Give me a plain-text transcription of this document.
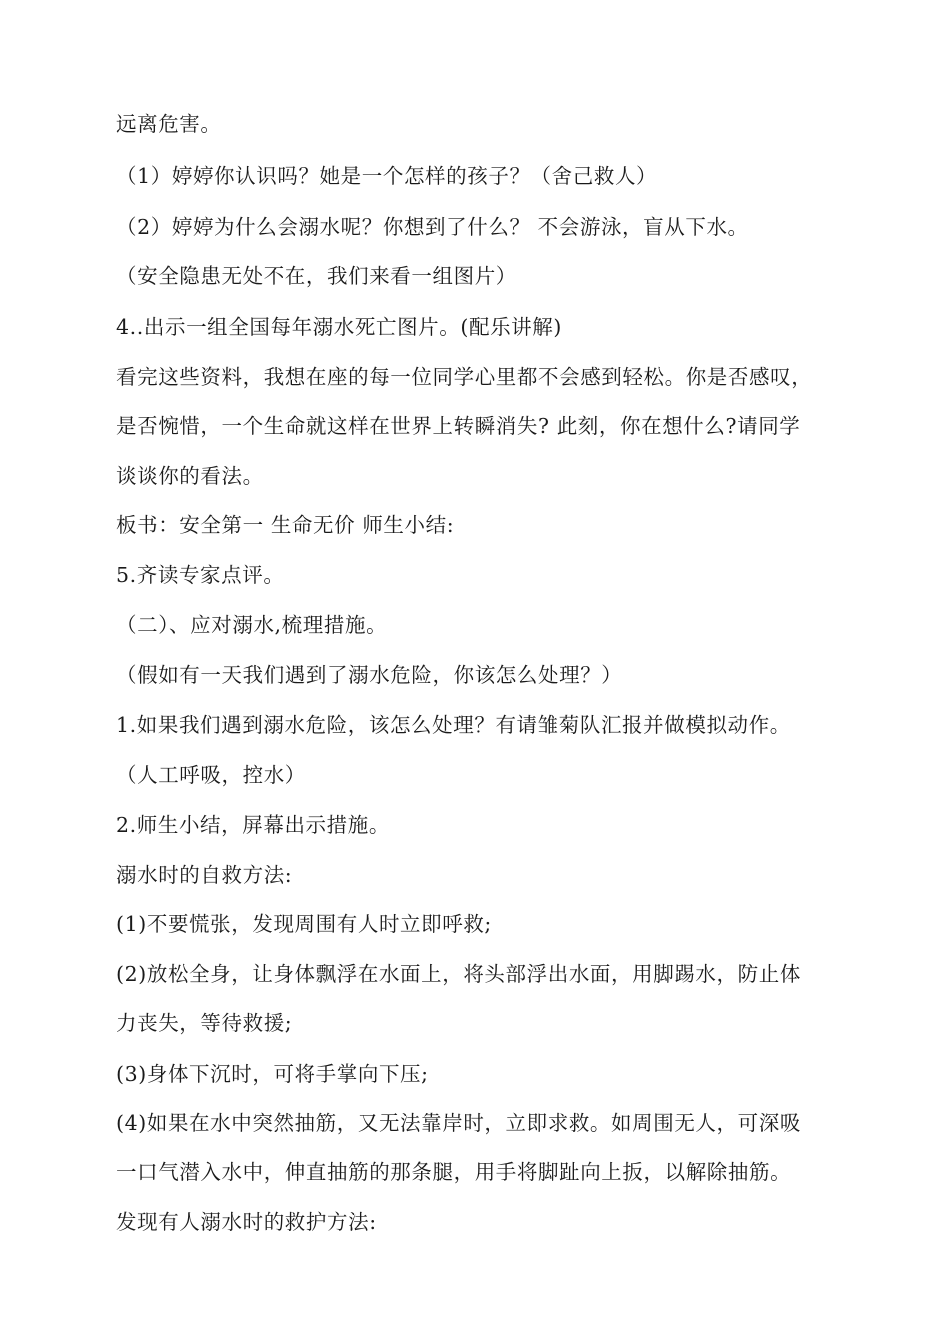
远离危害。
（1）婷婷你认识吗？她是一个怎样的孩子？（舍己救人）
（2）婷婷为什么会溺水呢？你想到了什么？ 不会游泳，盲从下水。
（安全隐患无处不在，我们来看一组图片）
4..出示一组全国每年溺水死亡图片。(配乐讲解)
看完这些资料，我想在座的每一位同学心里都不会感到轻松。你是否感叹，
是否惋惜，一个生命就这样在世界上转瞬消失? 此刻，你在想什么?请同学
谈谈你的看法。
板书：安全第一 生命无价 师生小结:
5.齐读专家点评。
（二）、应对溺水,梳理措施。
（假如有一天我们遇到了溺水危险，你该怎么处理？）
1.如果我们遇到溺水危险，该怎么处理？有请雏菊队汇报并做模拟动作。
（人工呼吸，控水）
2.师生小结，屏幕出示措施。
溺水时的自救方法:
(1)不要慌张，发现周围有人时立即呼救;
(2)放松全身，让身体飘浮在水面上，将头部浮出水面，用脚踢水，防止体
力丧失，等待救援;
(3)身体下沉时，可将手掌向下压;
(4)如果在水中突然抽筋，又无法靠岸时，立即求救。如周围无人，可深吸
一口气潜入水中，伸直抽筋的那条腿，用手将脚趾向上扳，以解除抽筋。
发现有人溺水时的救护方法:
